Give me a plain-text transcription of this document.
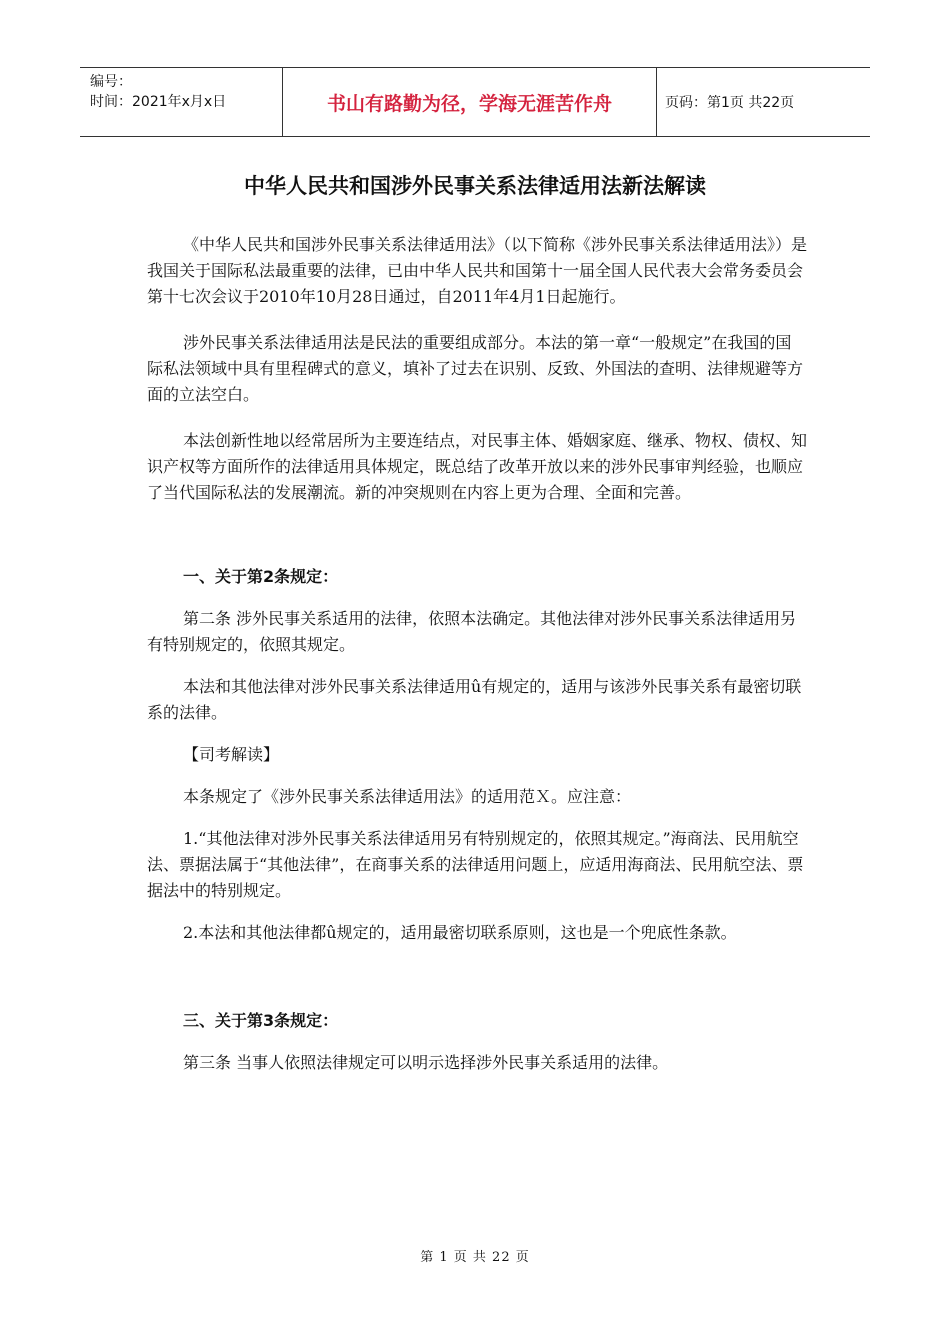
编号：
时间：2021年x月x日	书山有路勤为径，学海无涯苦作舟	页码：第1页 共22页
中华人民共和国涉外民事关系法律适用法新法解读

《中华人民共和国涉外民事关系法律适用法》（以下简称《涉外民事关系法律适用法》）是我国关于国际私法最重要的法律，已由中华人民共和国第十一届全国人民代表大会常务委员会第十七次会议于2010年10月28日通过，自2011年4月1日起施行。

涉外民事关系法律适用法是民法的重要组成部分。本法的第一章“一般规定”在我国的国际私法领域中具有里程碑式的意义，填补了过去在识别、反致、外国法的查明、法律规避等方面的立法空白。

本法创新性地以经常居所为主要连结点，对民事主体、婚姻家庭、继承、物权、债权、知识产权等方面所作的法律适用具体规定，既总结了改革开放以来的涉外民事审判经验，也顺应了当代国际私法的发展潮流。新的冲突规则在内容上更为合理、全面和完善。

一、关于第2条规定：

第二条 涉外民事关系适用的法律，依照本法确定。其他法律对涉外民事关系法律适用另有特别规定的，依照其规定。

本法和其他法律对涉外民事关系法律适用û有规定的，适用与该涉外民事关系有最密切联系的法律。

【司考解读】

本条规定了《涉外民事关系法律适用法》的适用范Ｘ。应注意：

1.“其他法律对涉外民事关系法律适用另有特别规定的，依照其规定。”海商法、民用航空法、票据法属于“其他法律”，在商事关系的法律适用问题上，应适用海商法、民用航空法、票据法中的特别规定。

2.本法和其他法律都û规定的，适用最密切联系原则，这也是一个兜底性条款。

三、关于第3条规定：

第三条 当事人依照法律规定可以明示选择涉外民事关系适用的法律。

第 1 页 共 22 页
